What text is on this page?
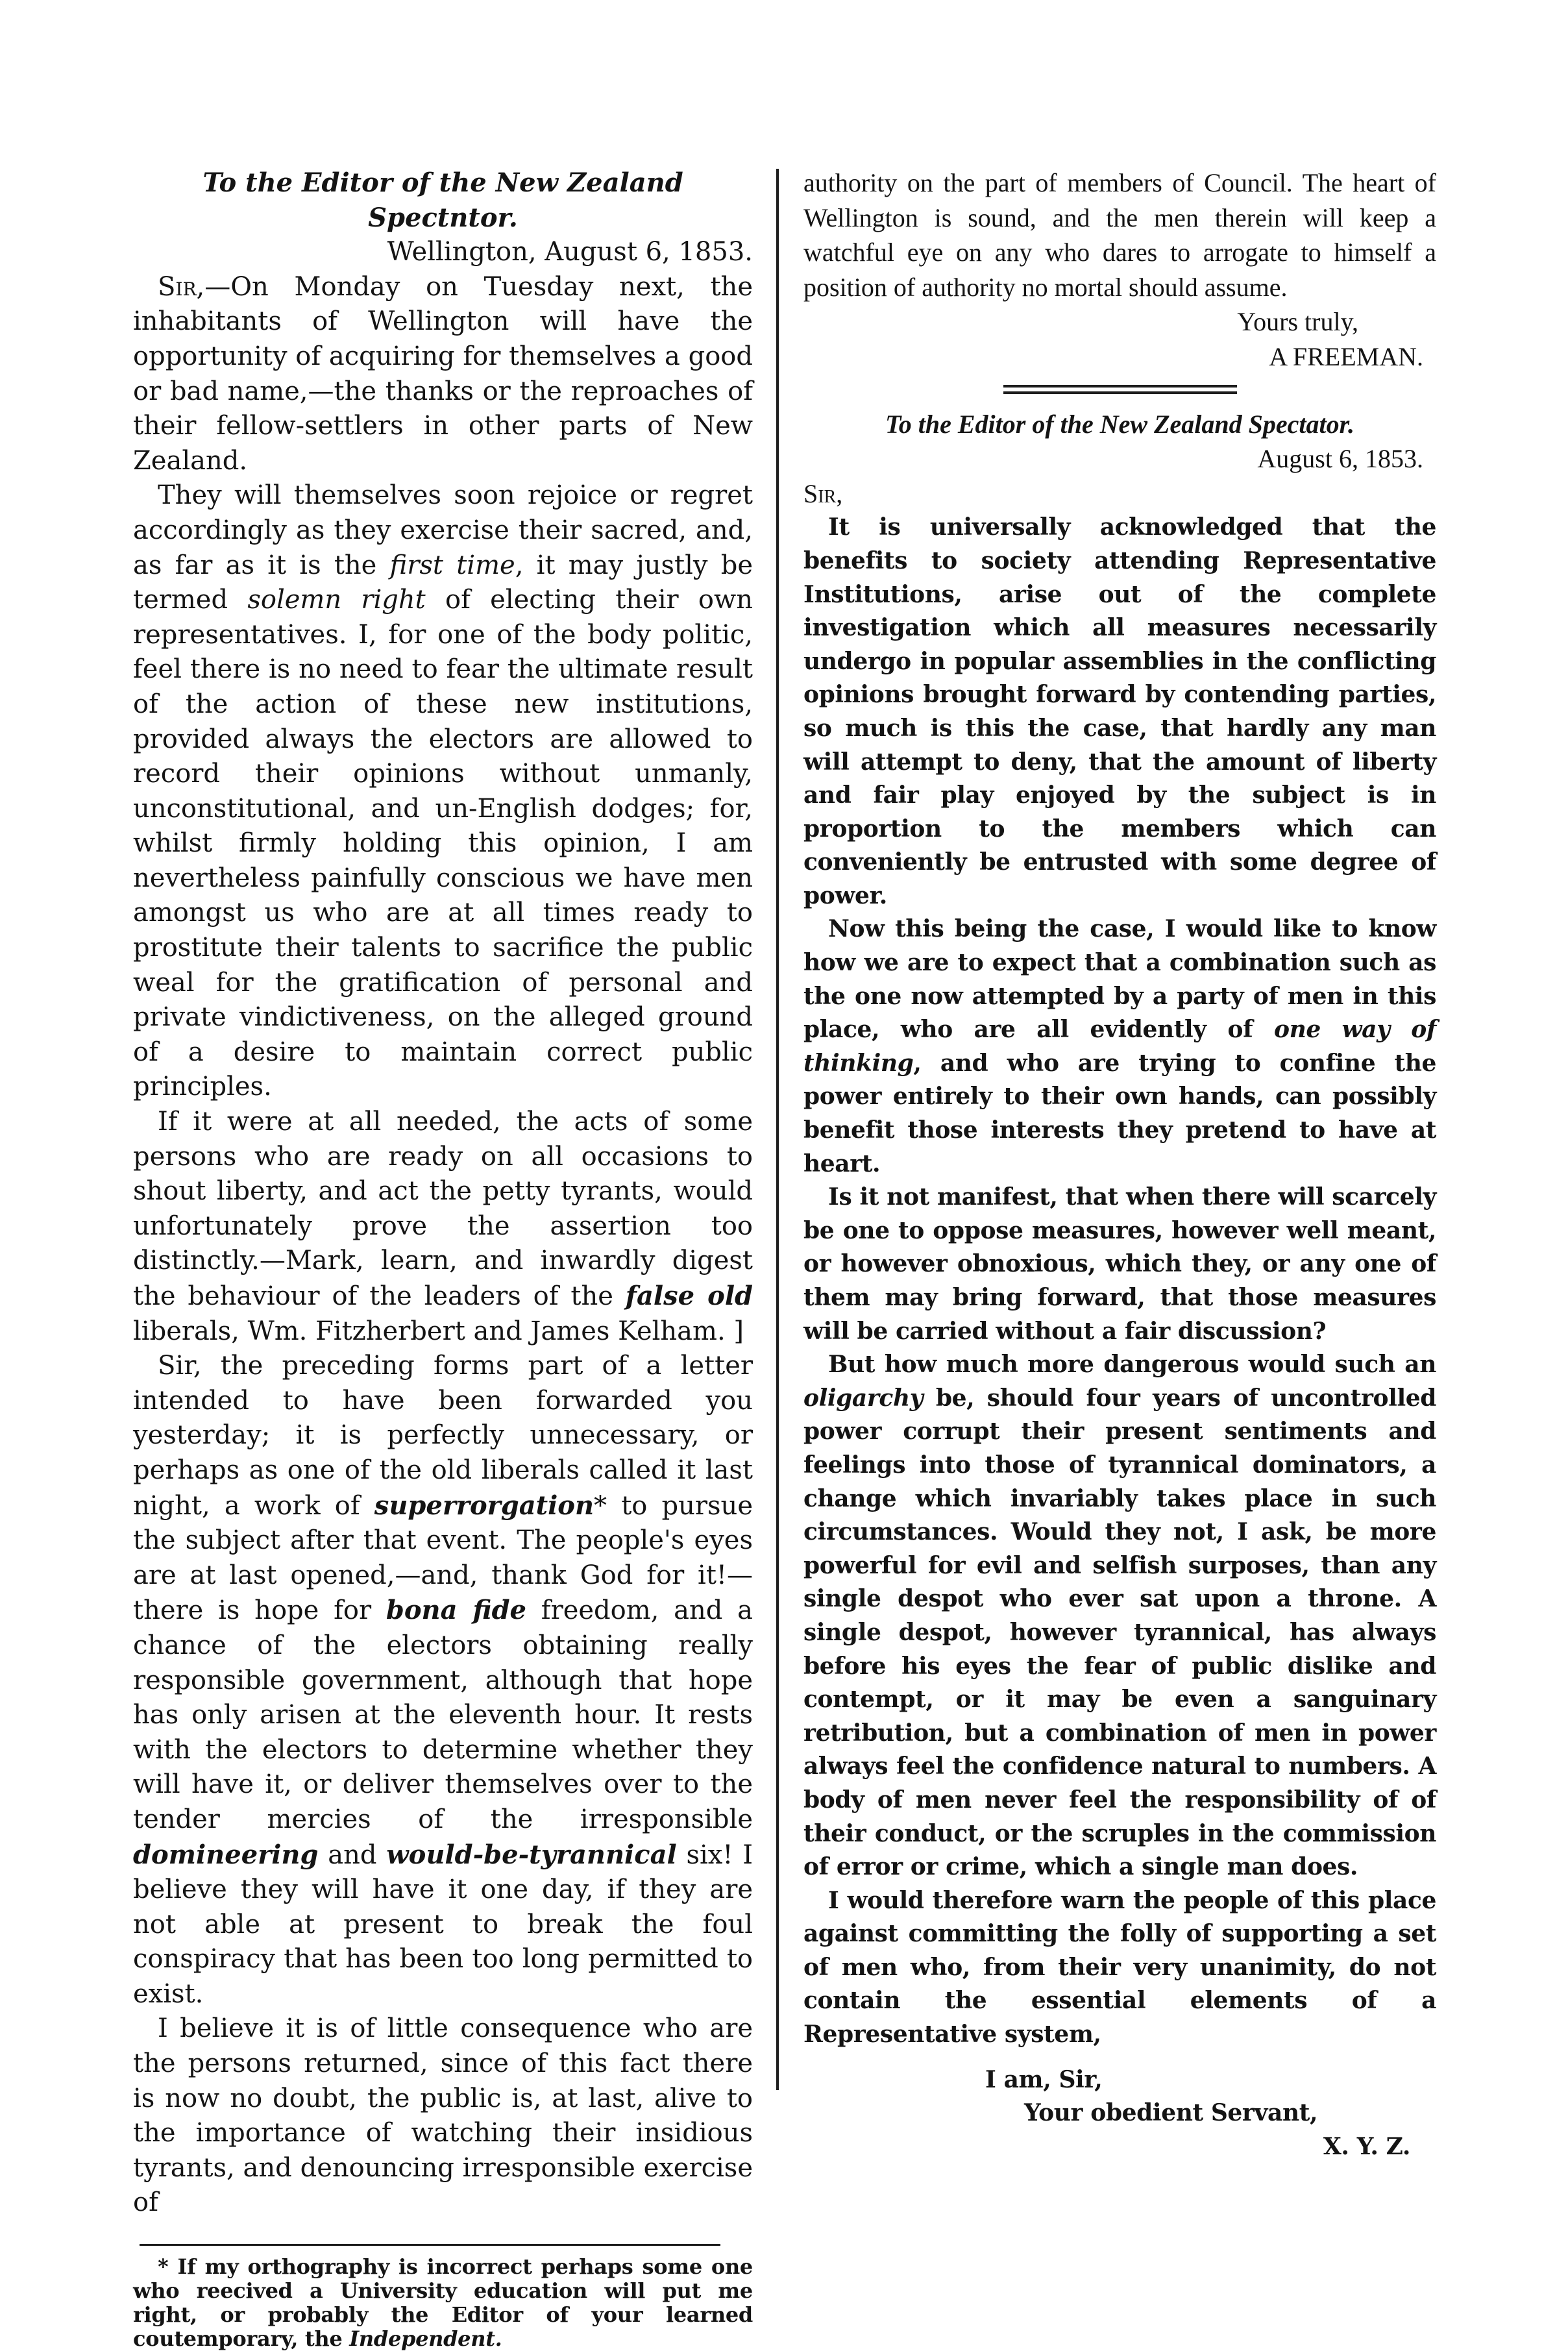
To the Editor of the New Zealand Spectntor.

Wellington, August 6, 1853.

Sir,—On Monday on Tuesday next, the inhabitants of Wellington will have the opportunity of acquiring for themselves a good or bad name,—the thanks or the reproaches of their fellow-settlers in other parts of New Zealand.

They will themselves soon rejoice or regret accordingly as they exercise their sacred, and, as far as it is the first time, it may justly be termed solemn right of electing their own representatives. I, for one of the body politic, feel there is no need to fear the ultimate result of the action of these new institutions, provided always the electors are allowed to record their opinions without unmanly, unconstitutional, and un-English dodges; for, whilst firmly holding this opinion, I am nevertheless painfully conscious we have men amongst us who are at all times ready to prostitute their talents to sacrifice the public weal for the gratification of personal and private vindictiveness, on the alleged ground of a desire to maintain correct public principles.

If it were at all needed, the acts of some persons who are ready on all occasions to shout liberty, and act the petty tyrants, would unfortunately prove the assertion too distinctly.—Mark, learn, and inwardly digest the behaviour of the leaders of the false old liberals, Wm. Fitzherbert and James Kelham. ]

Sir, the preceding forms part of a letter intended to have been forwarded you yesterday; it is perfectly unnecessary, or perhaps as one of the old liberals called it last night, a work of superrorgation* to pursue the subject after that event. The people's eyes are at last opened,—and, thank God for it!—there is hope for bona fide freedom, and a chance of the electors obtaining really responsible government, although that hope has only arisen at the eleventh hour. It rests with the electors to determine whether they will have it, or deliver themselves over to the tender mercies of the irresponsible domineering and would-be-tyrannical six! I believe they will have it one day, if they are not able at present to break the foul conspiracy that has been too long permitted to exist.

I believe it is of little consequence who are the persons returned, since of this fact there is now no doubt, the public is, at last, alive to the importance of watching their insidious tyrants, and denouncing irresponsible exercise of

* If my orthography is incorrect perhaps some one who reecived a University education will put me right, or probably the Editor of your learned coutemporary, the Independent.

authority on the part of members of Council. The heart of Wellington is sound, and the men therein will keep a watchful eye on any who dares to arrogate to himself a position of authority no mortal should assume.

Yours truly,

A FREEMAN.

To the Editor of the New Zealand Spectator.

August 6, 1853.

Sir,

It is universally acknowledged that the benefits to society attending Representative Institutions, arise out of the complete investigation which all measures necessarily undergo in popular assemblies in the conflicting opinions brought forward by contending parties, so much is this the case, that hardly any man will attempt to deny, that the amount of liberty and fair play enjoyed by the subject is in proportion to the members which can conveniently be entrusted with some degree of power.

Now this being the case, I would like to know how we are to expect that a combination such as the one now attempted by a party of men in this place, who are all evidently of one way of thinking, and who are trying to confine the power entirely to their own hands, can possibly benefit those interests they pretend to have at heart.

Is it not manifest, that when there will scarcely be one to oppose measures, however well meant, or however obnoxious, which they, or any one of them may bring forward, that those measures will be carried without a fair discussion?

But how much more dangerous would such an oligarchy be, should four years of uncontrolled power corrupt their present sentiments and feelings into those of tyrannical dominators, a change which invariably takes place in such circumstances. Would they not, I ask, be more powerful for evil and selfish surposes, than any single despot who ever sat upon a throne. A single despot, however tyrannical, has always before his eyes the fear of public dislike and contempt, or it may be even a sanguinary retribution, but a combination of men in power always feel the confidence natural to numbers. A body of men never feel the responsibility of of their conduct, or the scruples in the commission of error or crime, which a single man does.

I would therefore warn the people of this place against committing the folly of supporting a set of men who, from their very unanimity, do not contain the essential elements of a Representative system,

I am, Sir,

Your obedient Servant,

X. Y. Z.
